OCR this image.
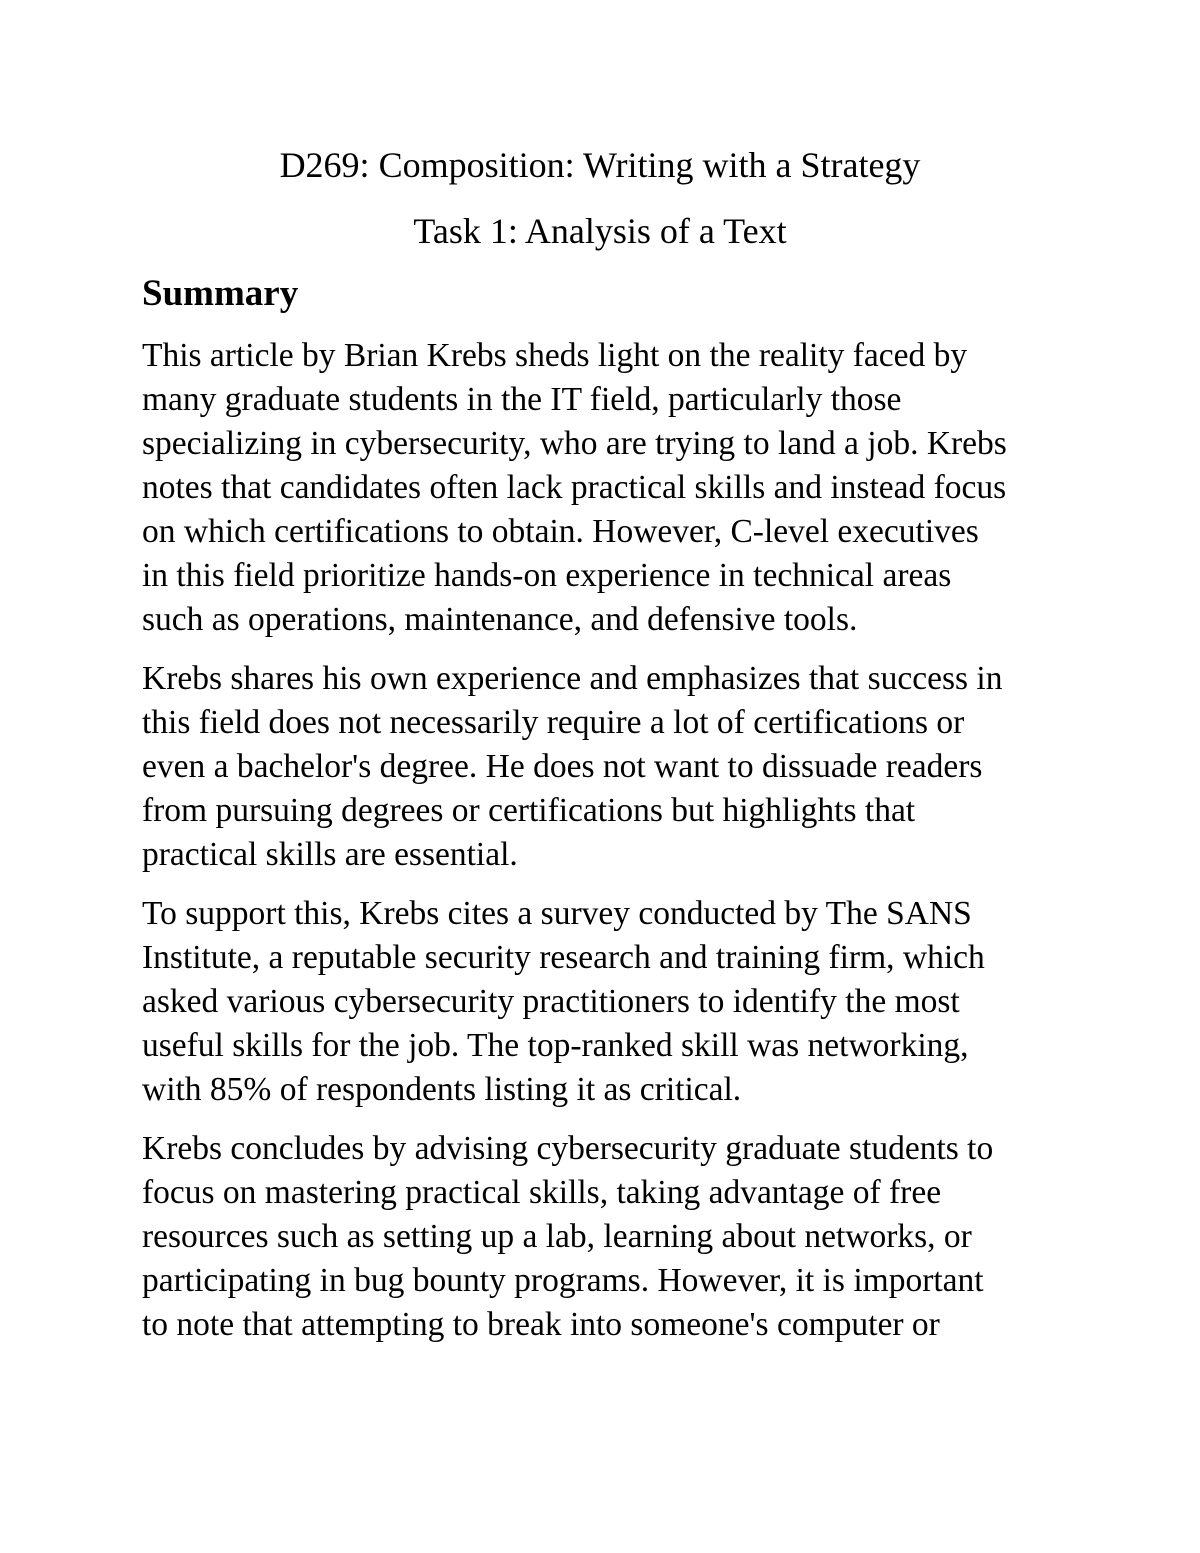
D269: Composition: Writing with a Strategy
Task 1: Analysis of a Text
Summary
This article by Brian Krebs sheds light on the reality faced by
many graduate students in the IT field, particularly those
specializing in cybersecurity, who are trying to land a job. Krebs
notes that candidates often lack practical skills and instead focus
on which certifications to obtain. However, C-level executives
in this field prioritize hands-on experience in technical areas
such as operations, maintenance, and defensive tools.
Krebs shares his own experience and emphasizes that success in
this field does not necessarily require a lot of certifications or
even a bachelor's degree. He does not want to dissuade readers
from pursuing degrees or certifications but highlights that
practical skills are essential.
To support this, Krebs cites a survey conducted by The SANS
Institute, a reputable security research and training firm, which
asked various cybersecurity practitioners to identify the most
useful skills for the job. The top-ranked skill was networking,
with 85% of respondents listing it as critical.
Krebs concludes by advising cybersecurity graduate students to
focus on mastering practical skills, taking advantage of free
resources such as setting up a lab, learning about networks, or
participating in bug bounty programs. However, it is important
to note that attempting to break into someone's computer or
